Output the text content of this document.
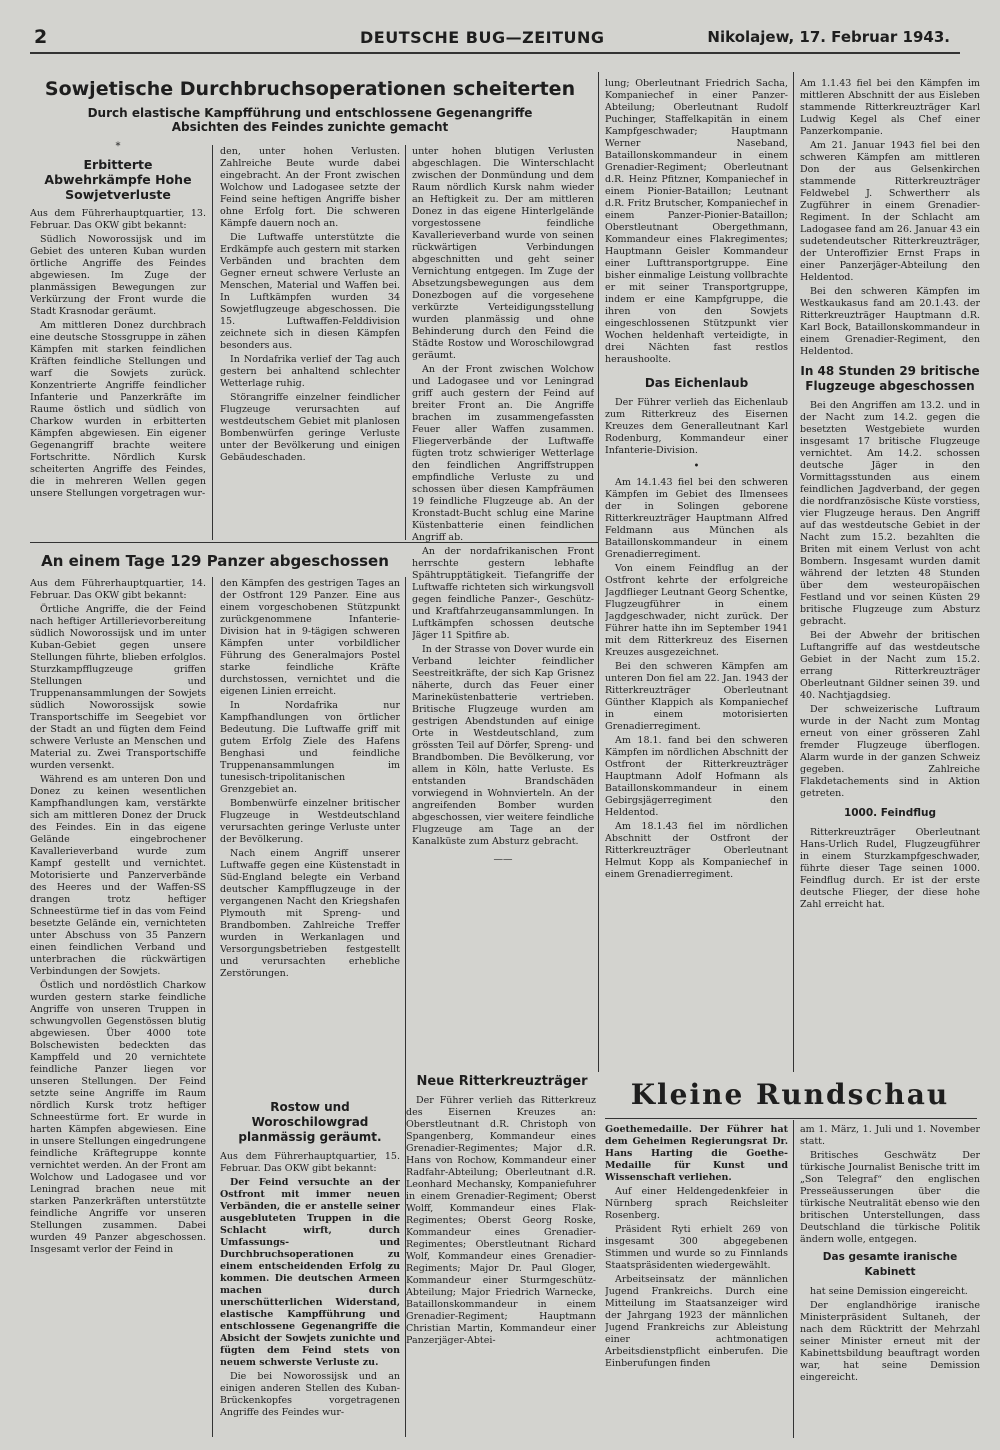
2	DEUTSCHE BUG—ZEITUNG	Nikolajew, 17. Februar 1943.
Sowjetische Durchbruchsoperationen scheiterten
Durch elastische Kampfführung und entschlossene Gegenangriffe
Absichten des Feindes zunichte gemacht
*
Erbitterte Abwehrkämpfe Hohe Sowjetverluste

Aus dem Führerhauptquartier, 13. Februar. Das OKW gibt bekannt:

Südlich Noworossijsk und im Gebiet des unteren Kuban wurden örtliche Angriffe des Feindes abgewiesen. Im Zuge der planmässigen Bewegungen zur Verkürzung der Front wurde die Stadt Krasnodar geräumt.

Am mittleren Donez durchbrach eine deutsche Stossgruppe in zähen Kämpfen mit starken feindlichen Kräften feindliche Stellungen und warf die Sowjets zurück. Konzentrierte Angriffe feindlicher Infanterie und Panzerkräfte im Raume östlich und südlich von Charkow wurden in erbitterten Kämpfen abgewiesen. Ein eigener Gegenangriff brachte weitere Fortschritte. Nördlich Kursk scheiterten Angriffe des Feindes, die in mehreren Wellen gegen unsere Stellungen vorgetragen wur-

den, unter hohen Verlusten. Zahlreiche Beute wurde dabei eingebracht. An der Front zwischen Wolchow und Ladogasee setzte der Feind seine heftigen Angriffe bisher ohne Erfolg fort. Die schweren Kämpfe dauern noch an.

Die Luftwaffe unterstützte die Erdkämpfe auch gestern mit starken Verbänden und brachten dem Gegner erneut schwere Verluste an Menschen, Material und Waffen bei. In Luftkämpfen wurden 34 Sowjetflugzeuge abgeschossen. Die 15. Luftwaffen-Felddivision zeichnete sich in diesen Kämpfen besonders aus.

In Nordafrika verlief der Tag auch gestern bei anhaltend schlechter Wetterlage ruhig.

Störangriffe einzelner feindlicher Flugzeuge verursachten auf westdeutschem Gebiet mit planlosen Bombenwürfen geringe Verluste unter der Bevölkerung und einigen Gebäudeschaden.

unter hohen blutigen Verlusten abgeschlagen. Die Winterschlacht zwischen der Donmündung und dem Raum nördlich Kursk nahm wieder an Heftigkeit zu. Der am mittleren Donez in das eigene Hinterlgelände vorgestossene feindliche Kavallerieverband wurde von seinen rückwärtigen Verbindungen abgeschnitten und geht seiner Vernichtung entgegen. Im Zuge der Absetzungsbewegungen aus dem Donezbogen auf die vorgesehene verkürzte Verteidigungsstellung wurden planmässig und ohne Behinderung durch den Feind die Städte Rostow und Woroschilowgrad geräumt.

An der Front zwischen Wolchow und Ladogasee und vor Leningrad griff auch gestern der Feind auf breiter Front an. Die Angriffe brachen im zusammengefassten Feuer aller Waffen zusammen. Fliegerverbände der Luftwaffe fügten trotz schwieriger Wetterlage den feindlichen Angriffstruppen empfindliche Verluste zu und schossen über diesen Kampfräumen 19 feindliche Flugzeuge ab. An der Kronstadt-Bucht schlug eine Marine Küstenbatterie einen feindlichen Angriff ab.

An der nordafrikanischen Front herrschte gestern lebhafte Spähtrupptätigkeit. Tiefangriffe der Luftwaffe richteten sich wirkungsvoll gegen feindliche Panzer-, Geschütz- und Kraftfahrzeugansammlungen. In Luftkämpfen schossen deutsche Jäger 11 Spitfire ab.

In der Strasse von Dover wurde ein Verband leichter feindlicher Seestreitkräfte, der sich Kap Grisnez näherte, durch das Feuer einer Marineküstenbatterie vertrieben. Britische Flugzeuge wurden am gestrigen Abendstunden auf einige Orte in Westdeutschland, zum grössten Teil auf Dörfer, Spreng- und Brandbomben. Die Bevölkerung, vor allem in Köln, hatte Verluste. Es entstanden Brandschäden vorwiegend in Wohnvierteln. An der angreifenden Bomber wurden abgeschossen, vier weitere feindliche Flugzeuge am Tage an der Kanalküste zum Absturz gebracht.

——
An einem Tage 129 Panzer abgeschossen

Aus dem Führerhauptquartier, 14. Februar. Das OKW gibt bekannt:

Örtliche Angriffe, die der Feind nach heftiger Artillerievorbereitung südlich Noworossijsk und im unter Kuban-Gebiet gegen unsere Stellungen führte, blieben erfolglos. Sturzkampfflugzeuge griffen Stellungen und Truppenansammlungen der Sowjets südlich Noworossijsk sowie Transportschiffe im Seegebiet vor der Stadt an und fügten dem Feind schwere Verluste an Menschen und Material zu. Zwei Transportschiffe wurden versenkt.

Während es am unteren Don und Donez zu keinen wesentlichen Kampfhandlungen kam, verstärkte sich am mittleren Donez der Druck des Feindes. Ein in das eigene Gelände eingebrochener Kavallerieverband wurde zum Kampf gestellt und vernichtet. Motorisierte und Panzerverbände des Heeres und der Waffen-SS drangen trotz heftiger Schneestürme tief in das vom Feind besetzte Gelände ein, vernichteten unter Abschuss von 35 Panzern einen feindlichen Verband und unterbrachen die rückwärtigen Verbindungen der Sowjets.

Östlich und nordöstlich Charkow wurden gestern starke feindliche Angriffe von unseren Truppen in schwungvollen Gegenstössen blutig abgewiesen. Über 4000 tote Bolschewisten bedeckten das Kampffeld und 20 vernichtete feindliche Panzer liegen vor unseren Stellungen. Der Feind setzte seine Angriffe im Raum nördlich Kursk trotz heftiger Schneestürme fort. Er wurde in harten Kämpfen abgewiesen. Eine in unsere Stellungen eingedrungene feindliche Kräftegruppe konnte vernichtet werden. An der Front am Wolchow und Ladogasee und vor Leningrad brachen neue mit starken Panzerkräften unterstützte feindliche Angriffe vor unseren Stellungen zusammen. Dabei wurden 49 Panzer abgeschossen. Insgesamt verlor der Feind in

den Kämpfen des gestrigen Tages an der Ostfront 129 Panzer. Eine aus einem vorgeschobenen Stützpunkt zurückgenommene Infanterie-Division hat in 9-tägigen schweren Kämpfen unter vorbildlicher Führung des Generalmajors Postel starke feindliche Kräfte durchstossen, vernichtet und die eigenen Linien erreicht.

In Nordafrika nur Kampfhandlungen von örtlicher Bedeutung. Die Luftwaffe griff mit gutem Erfolg Ziele des Hafens Benghasi und feindliche Truppenansammlungen im tunesisch-tripolitanischen Grenzgebiet an.

Bombenwürfe einzelner britischer Flugzeuge in Westdeutschland verursachten geringe Verluste unter der Bevölkerung.

Nach einem Angriff unserer Luftwaffe gegen eine Küstenstadt in Süd-England belegte ein Verband deutscher Kampfflugzeuge in der vergangenen Nacht den Kriegshafen Plymouth mit Spreng- und Brandbomben. Zahlreiche Treffer wurden in Werkanlagen und Versorgungsbetrieben festgestellt und verursachten erhebliche Zerstörungen.

Rostow und Woroschilowgrad planmässig geräumt.

Aus dem Führerhauptquartier, 15. Februar. Das OKW gibt bekannt:

Der Feind versuchte an der Ostfront mit immer neuen Verbänden, die er anstelle seiner ausgebluteten Truppen in die Schlacht wirft, durch Umfassungs- und Durchbruchsoperationen zu einem entscheidenden Erfolg zu kommen. Die deutschen Armeen machen durch unerschütterlichen Widerstand, elastische Kampfführung und entschlossene Gegenangriffe die Absicht der Sowjets zunichte und fügten dem Feind stets von neuem schwerste Verluste zu.

Die bei Noworossijsk und an einigen anderen Stellen des Kuban-Brückenkopfes vorgetragenen Angriffe des Feindes wur-

Neue Ritterkreuzträger

Der Führer verlieh das Ritterkreuz des Eisernen Kreuzes an: Oberstleutnant d.R. Christoph von Spangenberg, Kommandeur eines Grenadier-Regimentes; Major d.R. Hans von Rochow, Kommandeur einer Radfahr-Abteilung; Oberleutnant d.R. Leonhard Mechansky, Kompaniefuhrer in einem Grenadier-Regiment; Oberst Wolff, Kommandeur eines Flak-Regimentes; Oberst Georg Roske, Kommandeur eines Grenadier-Regimentes; Oberstleutnant Richard Wolf, Kommandeur eines Grenadier-Regiments; Major Dr. Paul Gloger, Kommandeur einer Sturmgeschütz-Abteilung; Major Friedrich Warnecke, Bataillonskommandeur in einem Grenadier-Regiment; Hauptmann Christian Martin, Kommandeur einer Panzerjäger-Abtei-

lung; Oberleutnant Friedrich Sacha, Kompaniechef in einer Panzer-Abteilung; Oberleutnant Rudolf Puchinger, Staffelkapitän in einem Kampfgeschwader; Hauptmann Werner Naseband, Bataillonskommandeur in einem Grenadier-Regiment; Oberleutnant d.R. Heinz Pfitzner, Kompaniechef in einem Pionier-Bataillon; Leutnant d.R. Fritz Brutscher, Kompaniechef in einem Panzer-Pionier-Bataillon; Oberstleutnant Obergethmann, Kommandeur eines Flakregimentes; Hauptmann Geisler Kommandeur einer Lufttransportgruppe. Eine bisher einmalige Leistung vollbrachte er mit seiner Transportgruppe, indem er eine Kampfgruppe, die ihren von den Sowjets eingeschlossenen Stützpunkt vier Wochen heldenhaft verteidigte, in drei Nächten fast restlos heraushoolte.

Das Eichenlaub

Der Führer verlieh das Eichenlaub zum Ritterkreuz des Eisernen Kreuzes dem Generalleutnant Karl Rodenburg, Kommandeur einer Infanterie-Division.

•

Am 14.1.43 fiel bei den schweren Kämpfen im Gebiet des Ilmensees der in Solingen geborene Ritterkreuzträger Hauptmann Alfred Feldmann aus München als Bataillonskommandeur in einem Grenadierregiment.

Von einem Feindflug an der Ostfront kehrte der erfolgreiche Jagdflieger Leutnant Georg Schentke, Flugzeugführer in einem Jagdgeschwader, nicht zurück. Der Führer hatte ihn im September 1941 mit dem Ritterkreuz des Eisernen Kreuzes ausgezeichnet.

Bei den schweren Kämpfen am unteren Don fiel am 22. Jan. 1943 der Ritterkreuzträger Oberleutnant Günther Klappich als Kompaniechef in einem motorisierten Grenadierregiment.

Am 18.1. fand bei den schweren Kämpfen im nördlichen Abschnitt der Ostfront der Ritterkreuzträger Hauptmann Adolf Hofmann als Bataillonskommandeur in einem Gebirgsjägerregiment den Heldentod.

Am 18.1.43 fiel im nördlichen Abschnitt der Ostfront der Ritterkreuzträger Oberleutnant Helmut Kopp als Kompaniechef in einem Grenadierregiment.

Am 1.1.43 fiel bei den Kämpfen im mittleren Abschnitt der aus Eisleben stammende Ritterkreuzträger Karl Ludwig Kegel als Chef einer Panzerkompanie.

Am 21. Januar 1943 fiel bei den schweren Kämpfen am mittleren Don der aus Gelsenkirchen stammende Ritterkreuzträger Feldwebel J. Schwertherr als Zugführer in einem Grenadier-Regiment. In der Schlacht am Ladogasee fand am 26. Januar 43 ein sudetendeutscher Ritterkreuzträger, der Unteroffizier Ernst Fraps in einer Panzerjäger-Abteilung den Heldentod.

Bei den schweren Kämpfen im Westkaukasus fand am 20.1.43. der Ritterkreuzträger Hauptmann d.R. Karl Bock, Bataillonskommandeur in einem Grenadier-Regiment, den Heldentod.

In 48 Stunden 29 britische Flugzeuge abgeschossen

Bei den Angriffen am 13.2. und in der Nacht zum 14.2. gegen die besetzten Westgebiete wurden insgesamt 17 britische Flugzeuge vernichtet. Am 14.2. schossen deutsche Jäger in den Vormittagsstunden aus einem feindlichen Jagdverband, der gegen die nordfranzösische Küste vorstiess, vier Flugzeuge heraus. Den Angriff auf das westdeutsche Gebiet in der Nacht zum 15.2. bezahlten die Briten mit einem Verlust von acht Bombern. Insgesamt wurden damit während der letzten 48 Stunden über dem westeuropäischen Festland und vor seinen Küsten 29 britische Flugzeuge zum Absturz gebracht.

Bei der Abwehr der britischen Luftangriffe auf das westdeutsche Gebiet in der Nacht zum 15.2. errang Ritterkreuzträger Oberleutnant Gildner seinen 39. und 40. Nachtjagdsieg.

Der schweizerische Luftraum wurde in der Nacht zum Montag erneut von einer grösseren Zahl fremder Flugzeuge überflogen. Alarm wurde in der ganzen Schweiz gegeben. Zahlreiche Flakdetachements sind in Aktion getreten.

1000. Feindflug

Ritterkreuzträger Oberleutnant Hans-Urlich Rudel, Flugzeugführer in einem Sturzkampfgeschwader, führte dieser Tage seinen 1000. Feindflug durch. Er ist der erste deutsche Flieger, der diese hohe Zahl erreicht hat.

Kleine Rundschau

Goethemedaille. Der Führer hat dem Geheimen Regierungsrat Dr. Hans Harting die Goethe-Medaille für Kunst und Wissenschaft verliehen.

Auf einer Heldengedenkfeier in Nürnberg sprach Reichsleiter Rosenberg.

Präsident Ryti erhielt 269 von insgesamt 300 abgegebenen Stimmen und wurde so zu Finnlands Staatspräsidenten wiedergewählt.

Arbeitseinsatz der männlichen Jugend Frankreichs. Durch eine Mitteilung im Staatsanzeiger wird der Jahrgang 1923 der männlichen Jugend Frankreichs zur Ableistung einer achtmonatigen Arbeitsdienstpflicht einberufen. Die Einberufungen finden

am 1. März, 1. Juli und 1. November statt.

Britisches Geschwätz Der türkische Journalist Benische tritt im „Son Telegraf“ den englischen Presseäusserungen über die türkische Neutralität ebenso wie den britischen Unterstellungen, dass Deutschland die türkische Politik ändern wolle, entgegen.

Das gesamte iranische Kabinett

hat seine Demission eingereicht.

Der englandhörige iranische Ministerpräsident Sultaneh, der nach dem Rücktritt der Mehrzahl seiner Minister erneut mit der Kabinettsbildung beauftragt worden war, hat seine Demission eingereicht.
